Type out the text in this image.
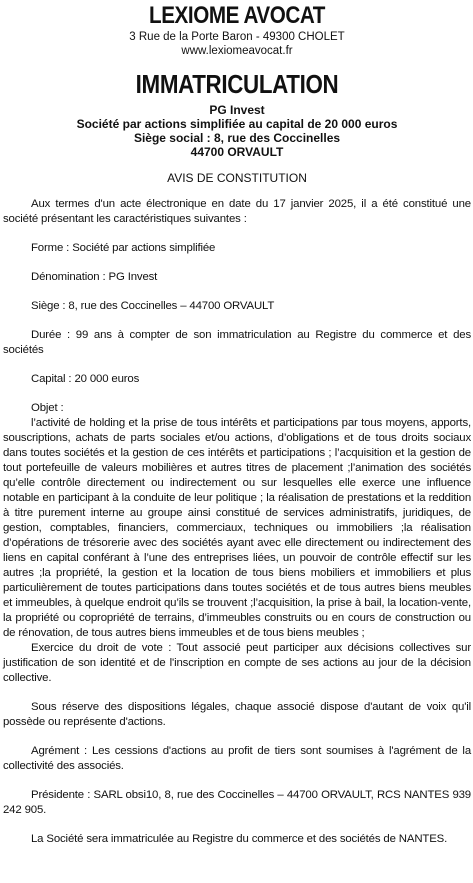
LEXIOME AVOCAT
3 Rue de la Porte Baron - 49300 CHOLET
www.lexiomeavocat.fr
IMMATRICULATION
PG Invest
Société par actions simplifiée au capital de 20 000 euros
Siège social : 8, rue des Coccinelles
44700 ORVAULT
AVIS DE CONSTITUTION

Aux termes d'un acte électronique en date du 17 janvier 2025, il a été constitué une société présentant les caractéristiques suivantes :

Forme : Société par actions simplifiée

Dénomination : PG Invest

Siège : 8, rue des Coccinelles – 44700 ORVAULT

Durée : 99 ans à compter de son immatriculation au Registre du commerce et des sociétés

Capital : 20 000 euros

Objet :

l’activité de holding et la prise de tous intérêts et participations par tous moyens, apports, souscriptions, achats de parts sociales et/ou actions, d’obligations et de tous droits sociaux dans toutes sociétés et la gestion de ces intérêts et participations ; l’acquisition et la gestion de tout portefeuille de valeurs mobilières et autres titres de placement ;l’animation des sociétés qu’elle contrôle directement ou indirectement ou sur lesquelles elle exerce une influence notable en participant à la conduite de leur politique ; la réalisation de prestations et la reddition à titre purement interne au groupe ainsi constitué de services administratifs, juridiques, de gestion, comptables, financiers, commerciaux, techniques ou immobiliers ;la réalisation d’opérations de trésorerie avec des sociétés ayant avec elle directement ou indirectement des liens en capital conférant à l’une des entreprises liées, un pouvoir de contrôle effectif sur les autres ;la propriété, la gestion et la location de tous biens mobiliers et immobiliers et plus particulièrement de toutes participations dans toutes sociétés et de tous autres biens meubles et immeubles, à quelque endroit qu’ils se trouvent ;l’acquisition, la prise à bail, la location-vente, la propriété ou copropriété de terrains, d’immeubles construits ou en cours de construction ou de rénovation, de tous autres biens immeubles et de tous biens meubles ;

Exercice du droit de vote : Tout associé peut participer aux décisions collectives sur justification de son identité et de l'inscription en compte de ses actions au jour de la décision collective.

Sous réserve des dispositions légales, chaque associé dispose d'autant de voix qu'il possède ou représente d'actions.

Agrément : Les cessions d'actions au profit de tiers sont soumises à l'agrément de la collectivité des associés.

Présidente : SARL obsi10, 8, rue des Coccinelles – 44700 ORVAULT, RCS NANTES 939 242 905.

La Société sera immatriculée au Registre du commerce et des sociétés de NANTES.
